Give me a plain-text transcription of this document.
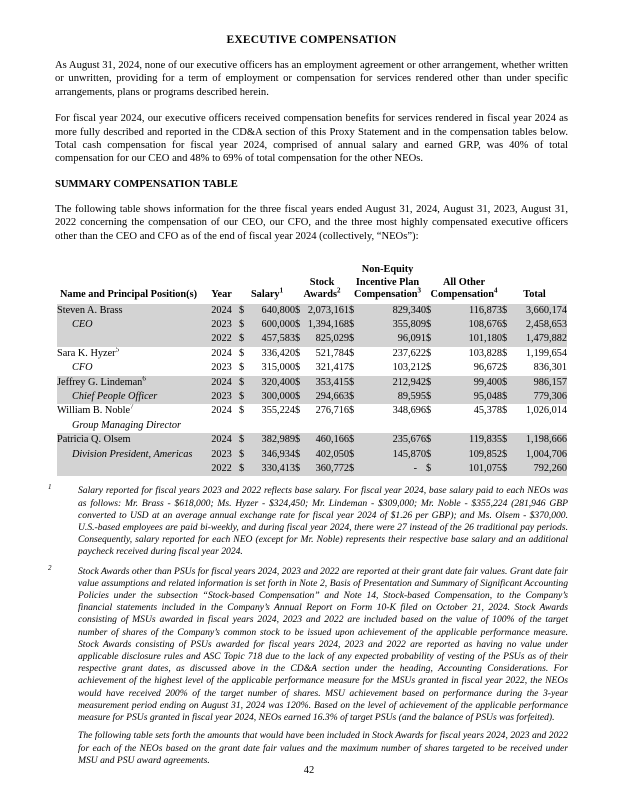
EXECUTIVE COMPENSATION

As August 31, 2024, none of our executive officers has an employment agreement or other arrangement, whether written or unwritten, providing for a term of employment or compensation for services rendered other than under specific arrangements, plans or programs described herein.

For fiscal year 2024, our executive officers received compensation benefits for services rendered in fiscal year 2024 as more fully described and reported in the CD&A section of this Proxy Statement and in the compensation tables below. Total cash compensation for fiscal year 2024, comprised of annual salary and earned GRP, was 40% of total compensation for our CEO and 48% to 69% of total compensation for the other NEOs.

SUMMARY COMPENSATION TABLE

The following table shows information for the three fiscal years ended August 31, 2024, August 31, 2023, August 31, 2022 concerning the compensation of our CEO, our CFO, and the three most highly compensated executive officers other than the CEO and CFO as of the end of fiscal year 2024 (collectively, “NEOs”):

Name and Principal Position(s)	Year	Salary$^1$		Stock Awards$^2$		Non-Equity Incentive Plan Compensation$^3$		All Other Compensation$^4$		Total	
Steven A. Brass	2024	$	640,800	$	2,073,161	$	829,340	$	116,873	$	3,660,174
CEO	2023	$	600,000	$	1,394,168	$	355,809	$	108,676	$	2,458,653
	2022	$	457,583	$	825,029	$	96,091	$	101,180	$	1,479,882
Sara K. Hyzer$^5$	2024	$	336,420	$	521,784	$	237,622	$	103,828	$	1,199,654
CFO	2023	$	315,000	$	321,417	$	103,212	$	96,672	$	836,301
Jeffrey G. Lindeman$^6$	2024	$	320,400	$	353,415	$	212,942	$	99,400	$	986,157
Chief People Officer	2023	$	300,000	$	294,663	$	89,595	$	95,048	$	779,306
William B. Noble$^7$	2024	$	355,224	$	276,716	$	348,696	$	45,378	$	1,026,014
Group Managing Director											
Patricia Q. Olsem	2024	$	382,989	$	460,166	$	235,676	$	119,835	$	1,198,666
Division President, Americas	2023	$	346,934	$	402,050	$	145,870	$	109,852	$	1,004,706
	2022	$	330,413	$	360,772	$	-	$	101,075	$	792,260
$^1$	Salary reported for fiscal years 2023 and 2022 reflects base salary. For fiscal year 2024, base salary paid to each NEOs was as follows: Mr. Brass - $618,000; Ms. Hyzer - $324,450; Mr. Lindeman - $309,000; Mr. Noble - $355,224 (281,946 GBP converted to USD at an average annual exchange rate for fiscal year 2024 of $1.26 per GBP); and Ms. Olsem - $370,000. U.S.-based employees are paid bi-weekly, and during fiscal year 2024, there were 27 instead of the 26 traditional pay periods. Consequently, salary reported for each NEO (except for Mr. Noble) represents their respective base salary and an additional paycheck received during fiscal year 2024.

$^2$	Stock Awards other than PSUs for fiscal years 2024, 2023 and 2022 are reported at their grant date fair values. Grant date fair value assumptions and related information is set forth in Note 2, Basis of Presentation and Summary of Significant Accounting Policies under the subsection “Stock-based Compensation” and Note 14, Stock-based Compensation, to the Company’s financial statements included in the Company’s Annual Report on Form 10-K filed on October 21, 2024. Stock Awards consisting of MSUs awarded in fiscal years 2024, 2023 and 2022 are included based on the value of 100% of the target number of shares of the Company’s common stock to be issued upon achievement of the applicable performance measure. Stock Awards consisting of PSUs awarded for fiscal years 2024, 2023 and 2022 are reported as having no value under applicable disclosure rules and ASC Topic 718 due to the lack of any expected probability of vesting of the PSUs as of their respective grant dates, as discussed above in the CD&A section under the heading, Accounting Considerations. For achievement of the highest level of the applicable performance measure for the MSUs granted in fiscal year 2022, the NEOs would have received 200% of the target number of shares. MSU achievement based on performance during the 3-year measurement period ending on August 31, 2024 was 120%. Based on the level of achievement of the applicable performance measure for PSUs granted in fiscal year 2024, NEOs earned 16.3% of target PSUs (and the balance of PSUs was forfeited).

The following table sets forth the amounts that would have been included in Stock Awards for fiscal years 2024, 2023 and 2022 for each of the NEOs based on the grant date fair values and the maximum number of shares targeted to be received under MSU and PSU award agreements.

42
